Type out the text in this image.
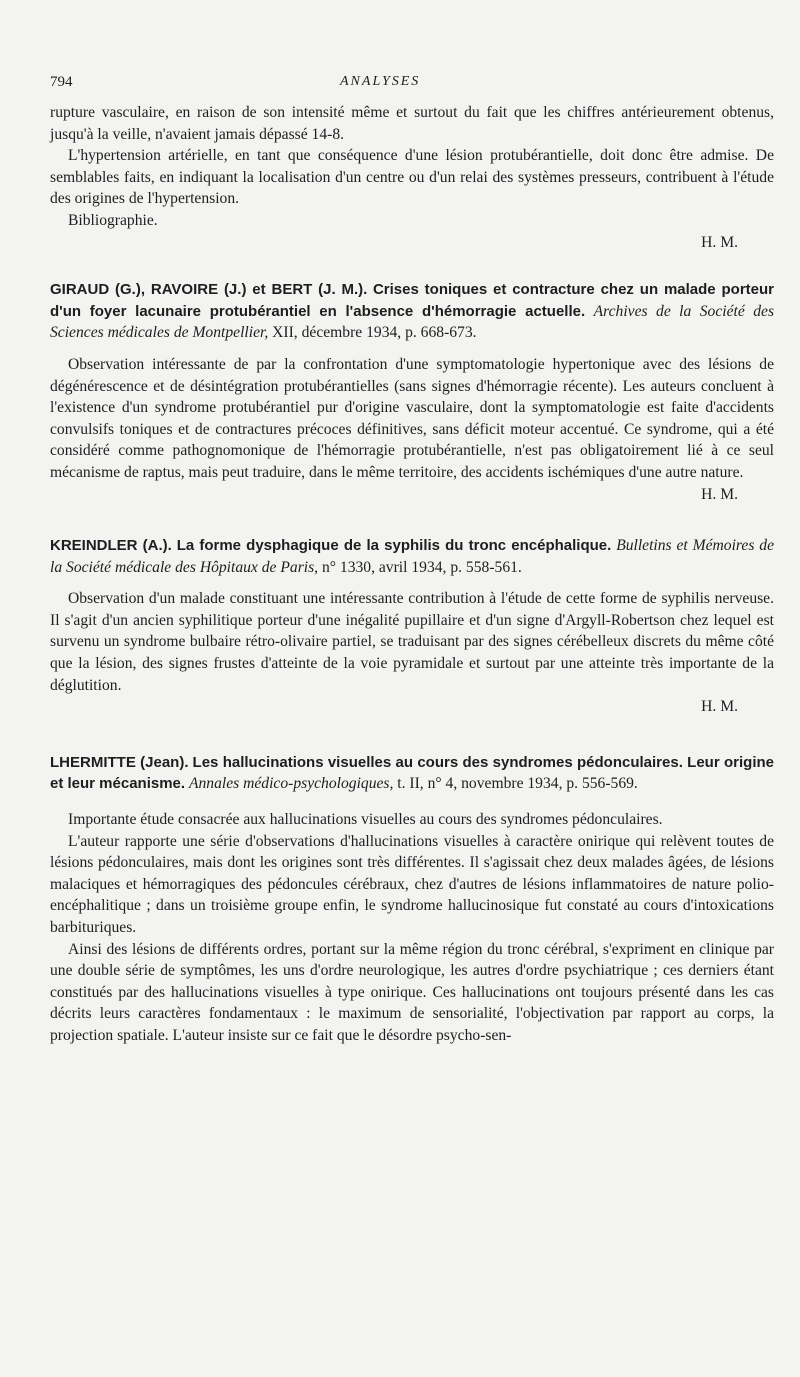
794	ANALYSES

rupture vasculaire, en raison de son intensité même et surtout du fait que les chiffres antérieurement obtenus, jusqu'à la veille, n'avaient jamais dépassé 14-8.

L'hypertension artérielle, en tant que conséquence d'une lésion protubérantielle, doit donc être admise. De semblables faits, en indiquant la localisation d'un centre ou d'un relai des systèmes presseurs, contribuent à l'étude des origines de l'hypertension.

Bibliographie.

H. M.

GIRAUD (G.), RAVOIRE (J.) et BERT (J. M.). Crises toniques et contracture chez un malade porteur d'un foyer lacunaire protubérantiel en l'absence d'hémorragie actuelle. Archives de la Société des Sciences médicales de Montpellier, XII, décembre 1934, p. 668-673.

Observation intéressante de par la confrontation d'une symptomatologie hypertonique avec des lésions de dégénérescence et de désintégration protubérantielles (sans signes d'hémorragie récente). Les auteurs concluent à l'existence d'un syndrome protubérantiel pur d'origine vasculaire, dont la symptomatologie est faite d'accidents convulsifs toniques et de contractures précoces définitives, sans déficit moteur accentué. Ce syndrome, qui a été considéré comme pathognomonique de l'hémorragie protubérantielle, n'est pas obligatoirement lié à ce seul mécanisme de raptus, mais peut traduire, dans le même territoire, des accidents ischémiques d'une autre nature.

H. M.

KREINDLER (A.). La forme dysphagique de la syphilis du tronc encéphalique. Bulletins et Mémoires de la Société médicale des Hôpitaux de Paris, n° 1330, avril 1934, p. 558-561.

Observation d'un malade constituant une intéressante contribution à l'étude de cette forme de syphilis nerveuse. Il s'agit d'un ancien syphilitique porteur d'une inégalité pupillaire et d'un signe d'Argyll-Robertson chez lequel est survenu un syndrome bulbaire rétro-olivaire partiel, se traduisant par des signes cérébelleux discrets du même côté que la lésion, des signes frustes d'atteinte de la voie pyramidale et surtout par une atteinte très importante de la déglutition.

H. M.

LHERMITTE (Jean). Les hallucinations visuelles au cours des syndromes pédonculaires. Leur origine et leur mécanisme. Annales médico-psychologiques, t. II, n° 4, novembre 1934, p. 556-569.

Importante étude consacrée aux hallucinations visuelles au cours des syndromes pédonculaires.

L'auteur rapporte une série d'observations d'hallucinations visuelles à caractère onirique qui relèvent toutes de lésions pédonculaires, mais dont les origines sont très différentes. Il s'agissait chez deux malades âgées, de lésions malaciques et hémorragiques des pédoncules cérébraux, chez d'autres de lésions inflammatoires de nature polio-encéphalitique ; dans un troisième groupe enfin, le syndrome hallucinosique fut constaté au cours d'intoxications barbituriques.

Ainsi des lésions de différents ordres, portant sur la même région du tronc cérébral, s'expriment en clinique par une double série de symptômes, les uns d'ordre neurologique, les autres d'ordre psychiatrique ; ces derniers étant constitués par des hallucinations visuelles à type onirique. Ces hallucinations ont toujours présenté dans les cas décrits leurs caractères fondamentaux : le maximum de sensorialité, l'objectivation par rapport au corps, la projection spatiale. L'auteur insiste sur ce fait que le désordre psycho-sen-
